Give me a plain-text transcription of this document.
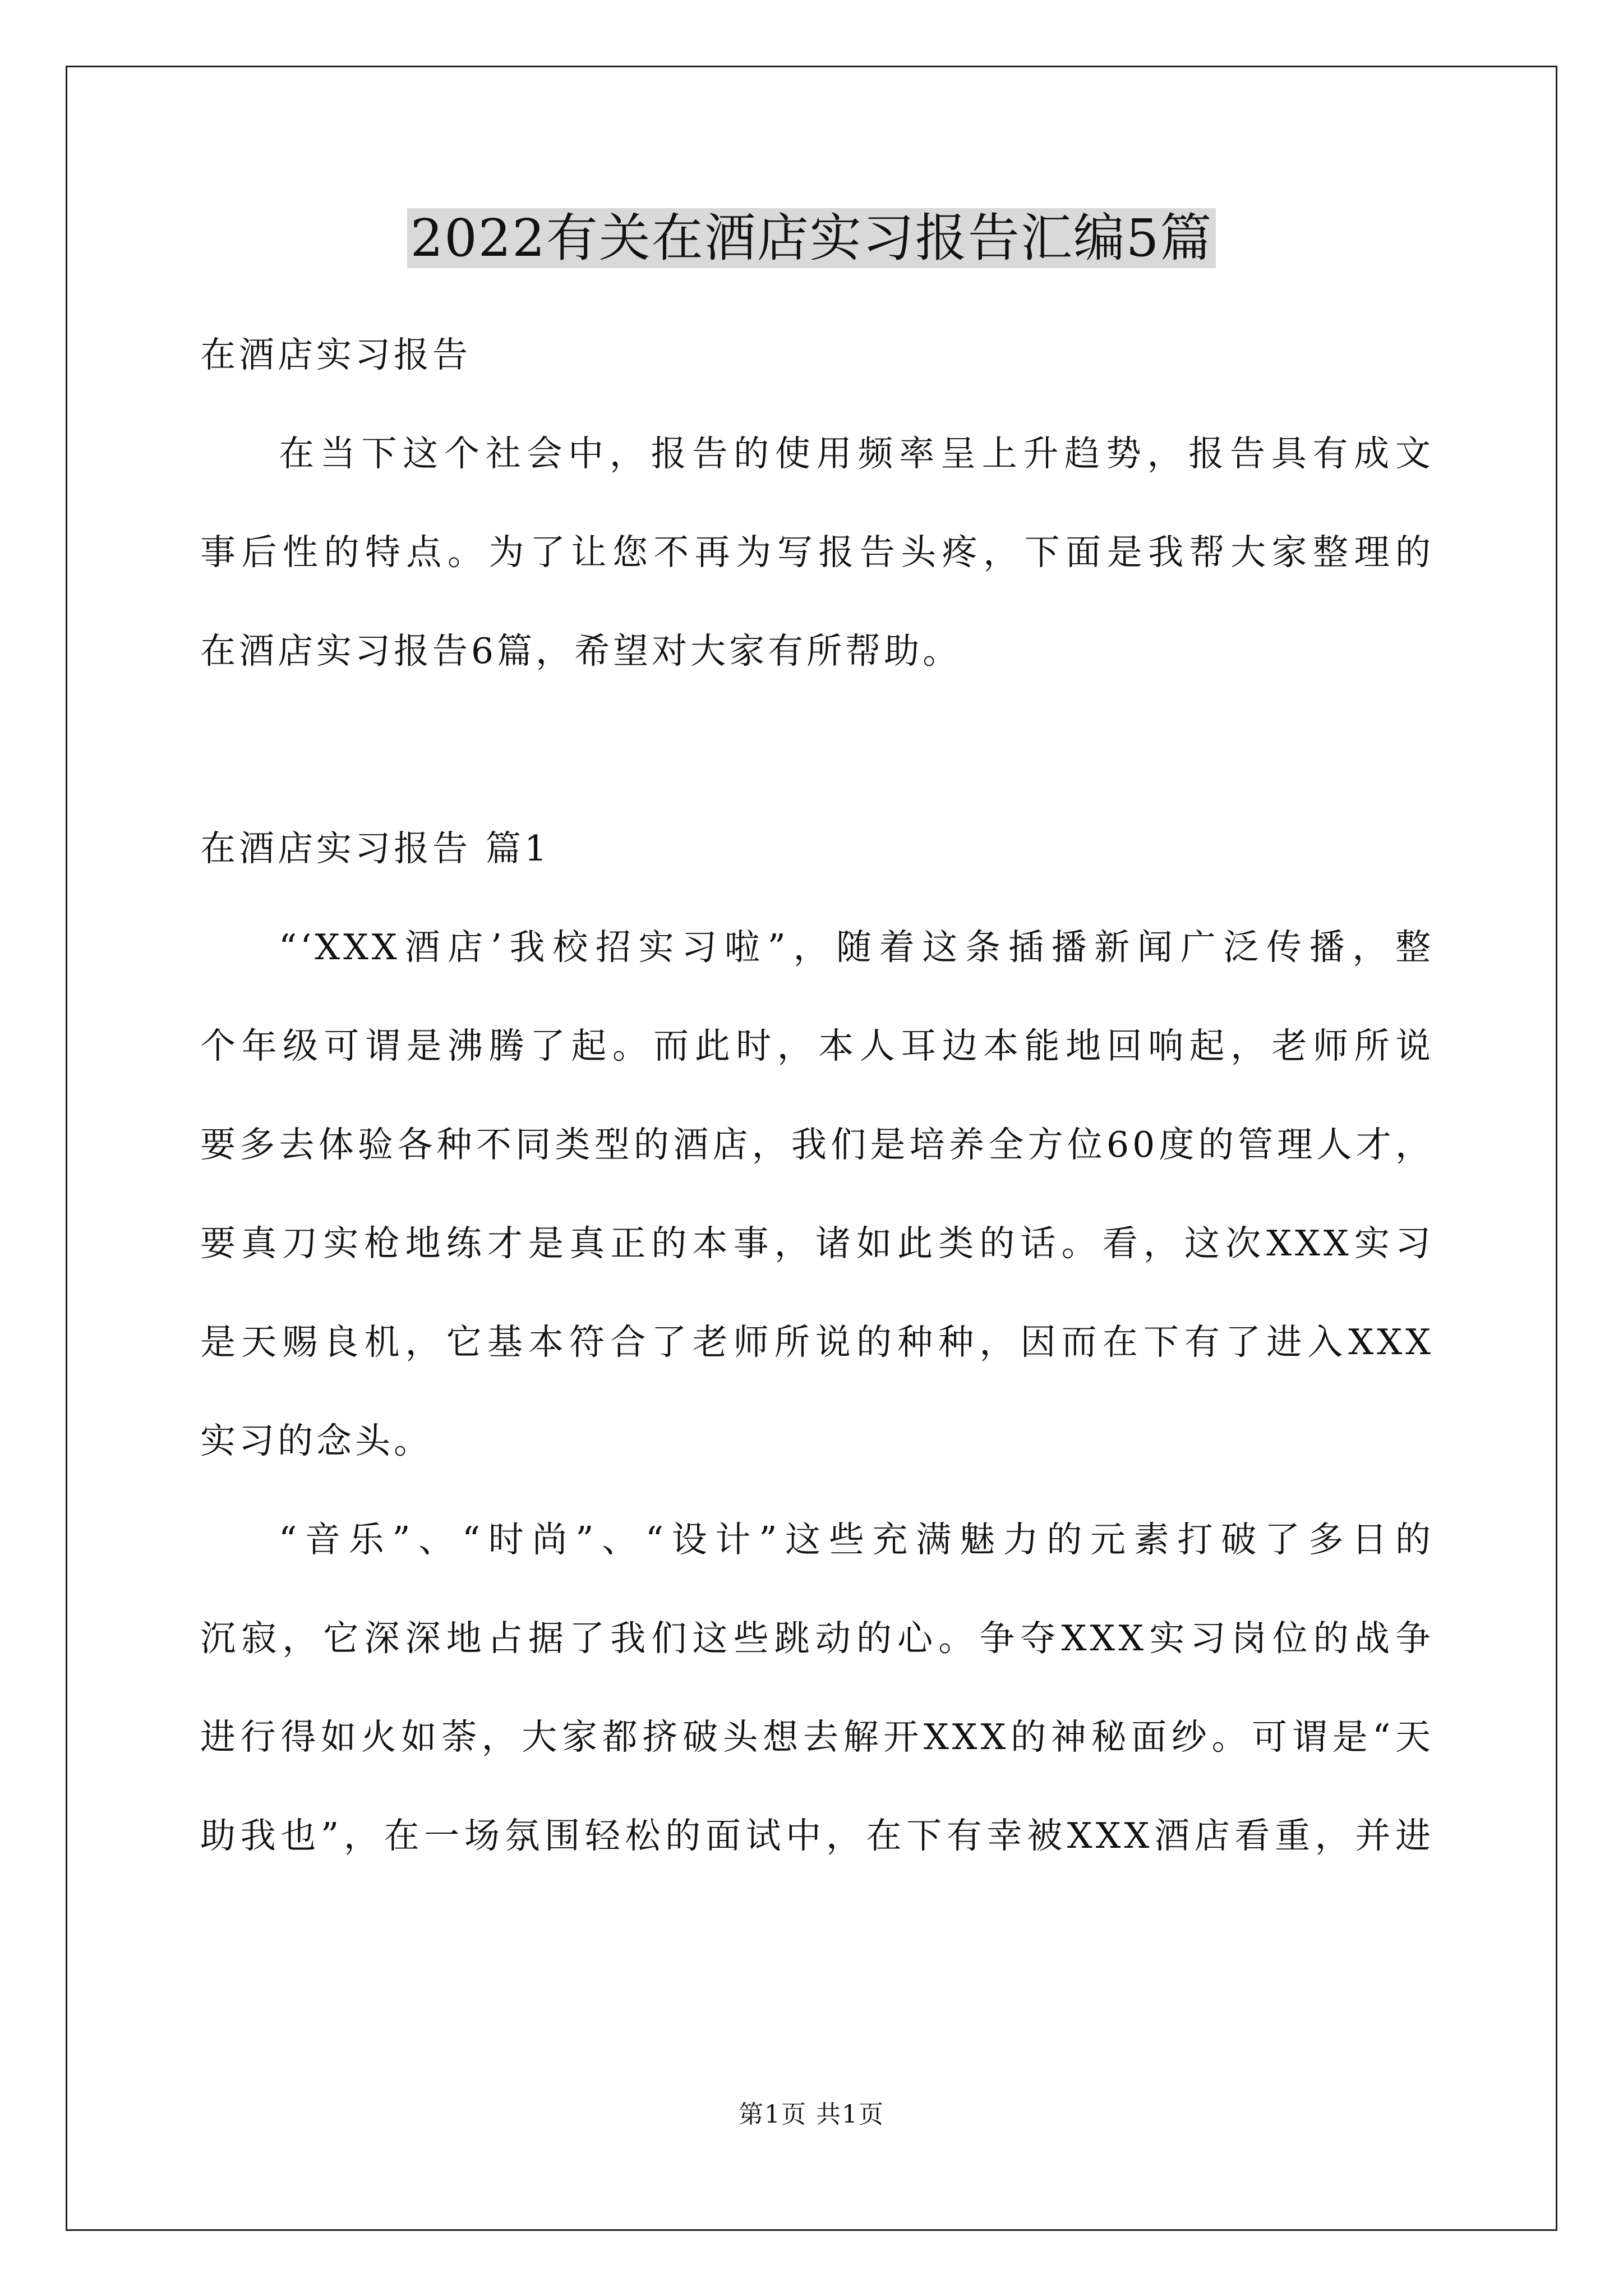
2022有关在酒店实习报告汇编5篇
在酒店实习报告
在当下这个社会中，报告的使用频率呈上升趋势，报告具有成文
事后性的特点。为了让您不再为写报告头疼，下面是我帮大家整理的
在酒店实习报告6篇，希望对大家有所帮助。
在酒店实习报告 篇1
“‘XXX酒店’我校招实习啦”，随着这条插播新闻广泛传播，整
个年级可谓是沸腾了起。而此时，本人耳边本能地回响起，老师所说
要多去体验各种不同类型的酒店，我们是培养全方位60度的管理人才，
要真刀实枪地练才是真正的本事，诸如此类的话。看，这次XXX实习
是天赐良机，它基本符合了老师所说的种种，因而在下有了进入XXX
实习的念头。
“音乐”、“时尚”、“设计”这些充满魅力的元素打破了多日的
沉寂，它深深地占据了我们这些跳动的心。争夺XXX实习岗位的战争
进行得如火如荼，大家都挤破头想去解开XXX的神秘面纱。可谓是“天
助我也”，在一场氛围轻松的面试中，在下有幸被XXX酒店看重，并进
第1页 共1页
